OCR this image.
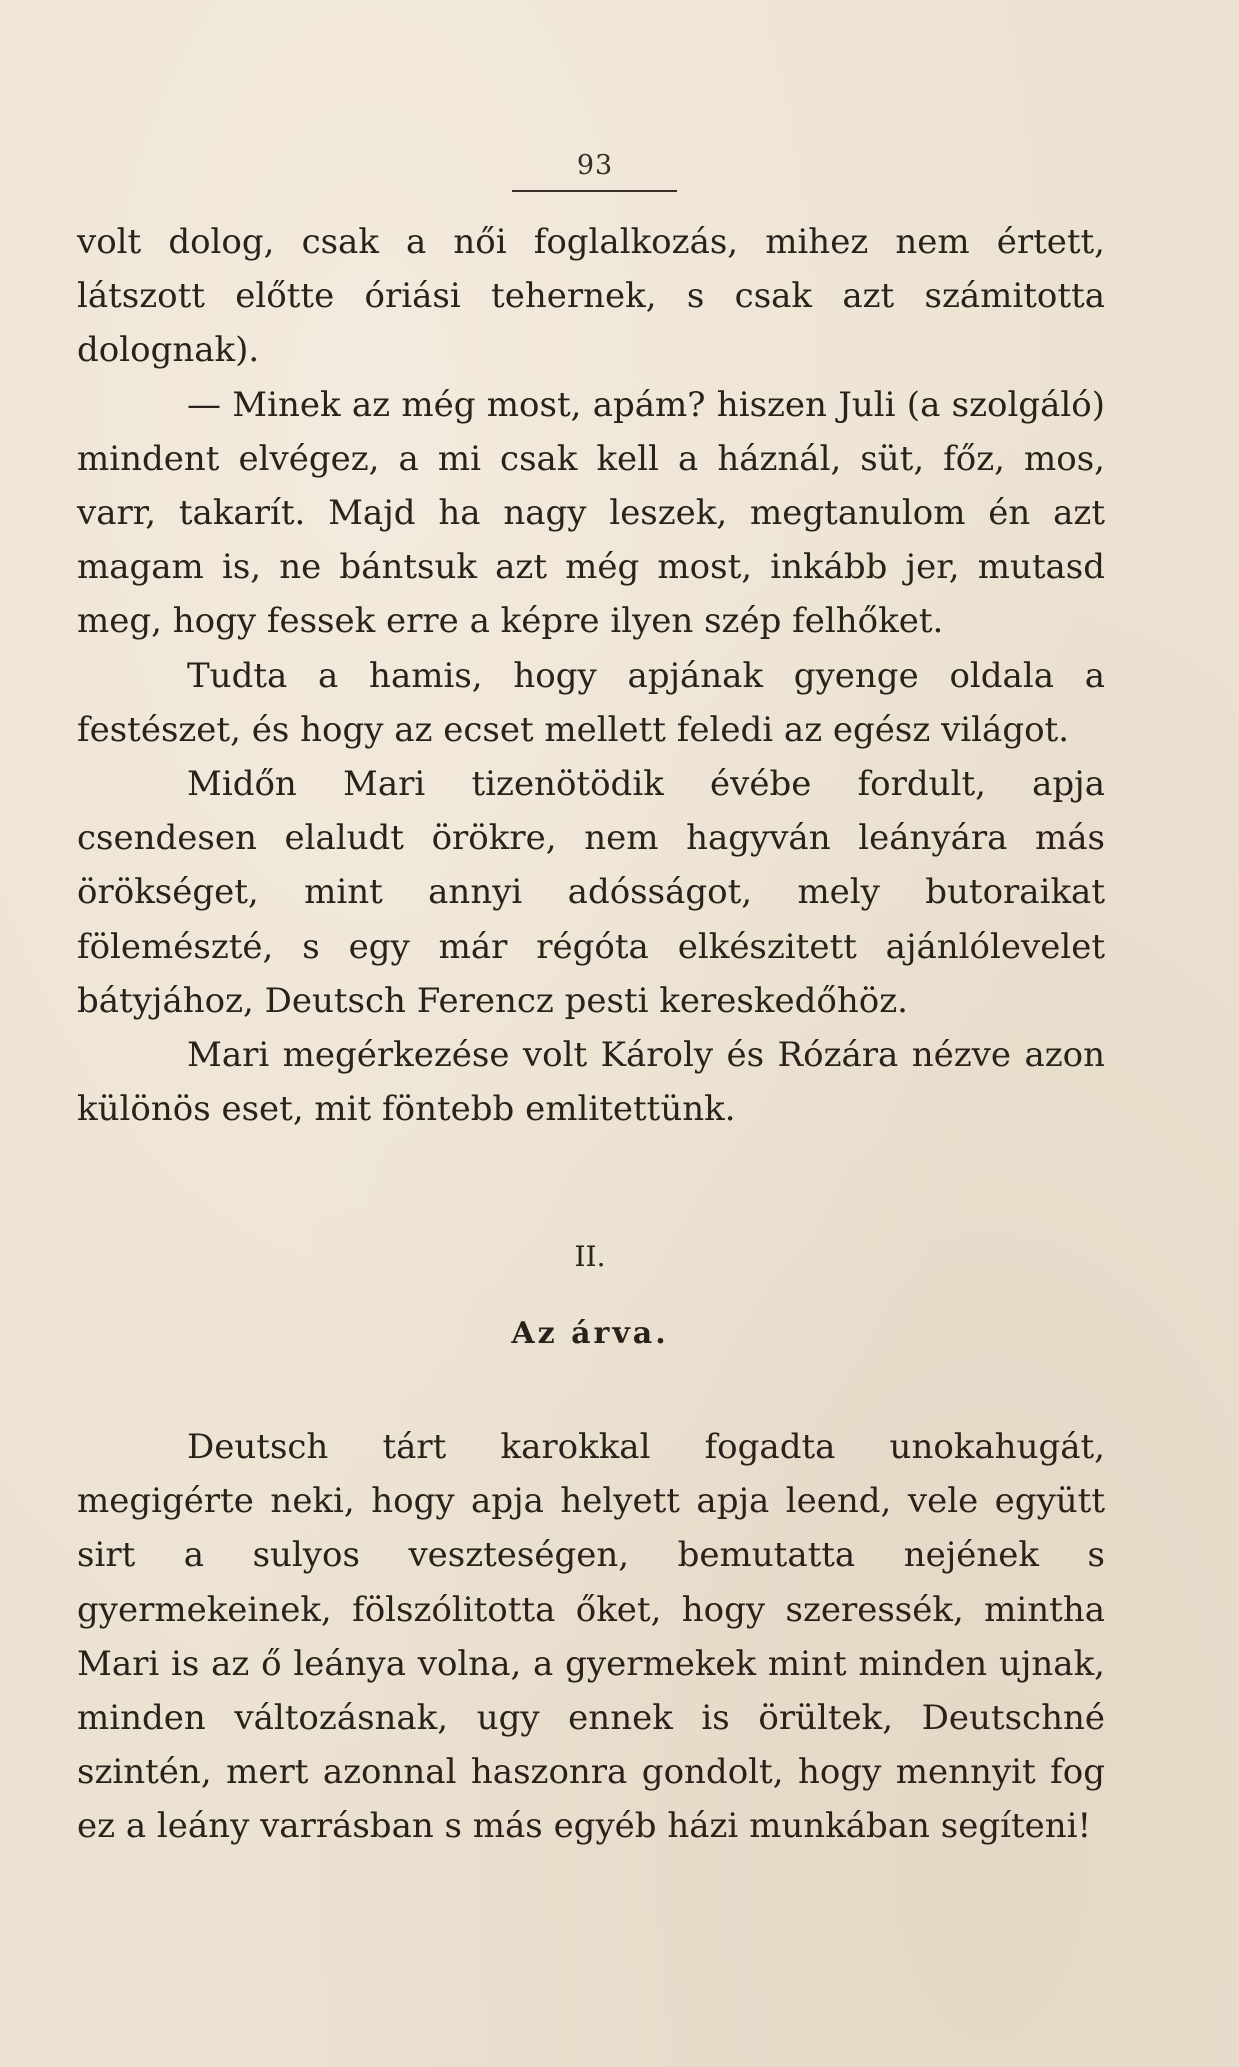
93

volt dolog, csak a női foglalkozás, mihez nem értett, látszott előtte óriási tehernek, s csak azt számitotta dolognak).

— Minek az még most, apám? hiszen Juli (a szolgáló) mindent elvégez, a mi csak kell a háznál, süt, főz, mos, varr, takarít. Majd ha nagy leszek, megtanulom én azt magam is, ne bántsuk azt még most, inkább jer, mutasd meg, hogy fessek erre a képre ilyen szép felhőket.

Tudta a hamis, hogy apjának gyenge oldala a festészet, és hogy az ecset mellett feledi az egész világot.

Midőn Mari tizenötödik évébe fordult, apja csendesen elaludt örökre, nem hagyván leányára más örökséget, mint annyi adósságot, mely butoraikat fölemészté, s egy már régóta elkészitett ajánlólevelet bátyjához, Deutsch Ferencz pesti kereskedőhöz.

Mari megérkezése volt Károly és Rózára nézve azon különös eset, mit föntebb emlitettünk.

II.
Az árva.

Deutsch tárt karokkal fogadta unokahugát, megigérte neki, hogy apja helyett apja leend, vele együtt sirt a sulyos veszteségen, bemutatta nejének s gyermekeinek, fölszólitotta őket, hogy szeressék, mintha Mari is az ő leánya volna, a gyermekek mint minden ujnak, minden változásnak, ugy ennek is örültek, Deutschné szintén, mert azonnal haszonra gondolt, hogy mennyit fog ez a leány varrásban s más egyéb házi munkában segíteni!
